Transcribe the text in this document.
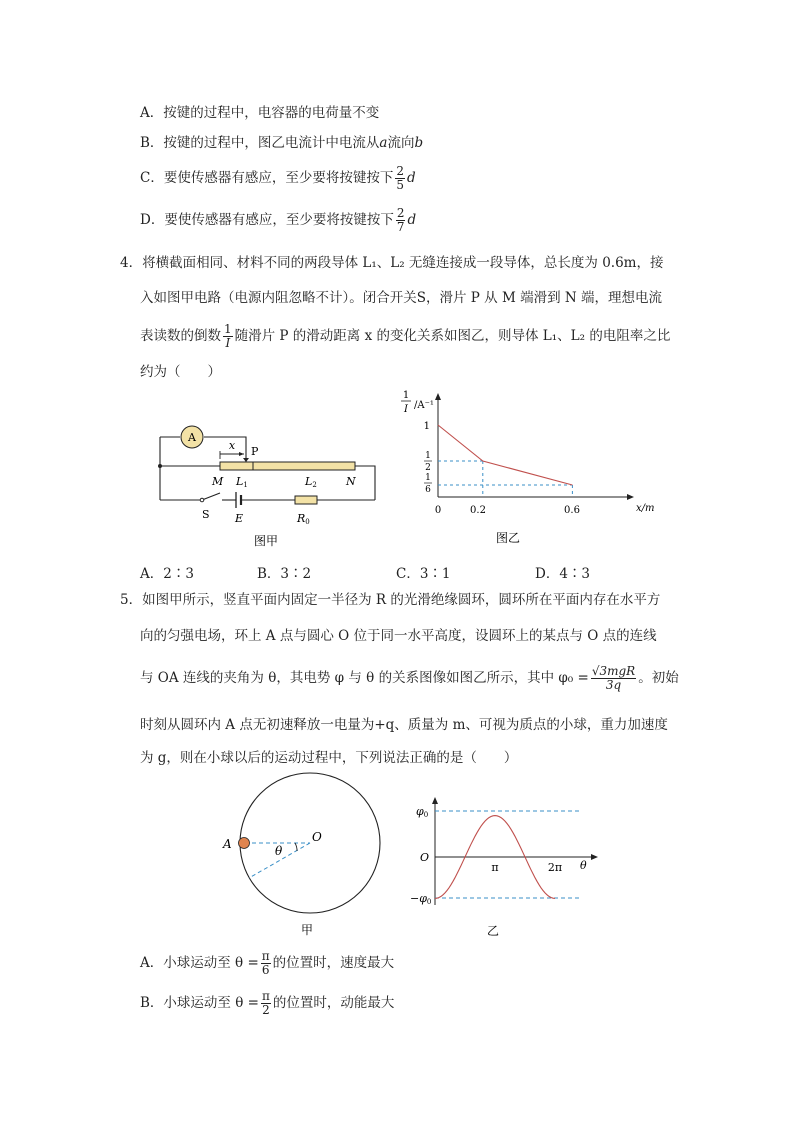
A．按键的过程中，电容器的电荷量不变
B．按键的过程中，图乙电流计中电流从a流向b
C．要使传感器有感应，至少要将按键按下 $\frac{2}{5}$ d
D．要使传感器有感应，至少要将按键按下 $\frac{2}{7}$ d
4．将横截面相同、材料不同的两段导体 L₁、L₂ 无缝连接成一段导体，总长度为 0.6m，接
入如图甲电路（电源内阻忽略不计）。闭合开关S，滑片 P 从 M 端滑到 N 端，理想电流
表读数的倒数 $\frac{1}{I}$ 随滑片 P 的滑动距离 x 的变化关系如图乙，则导体 L₁、L₂ 的电阻率之比
约为（　　）
A
x P
M L1	L2	N
S E	R0
图甲
1
I /A⁻¹
1
1
2
1
6
0	0.2	0.6	x/m
图乙
A．2∶3	B．3∶2	C．3∶1	D．4∶3
5．如图甲所示，竖直平面内固定一半径为 R 的光滑绝缘圆环，圆环所在平面内存在水平方
向的匀强电场，环上 A 点与圆心 O 位于同一水平高度，设圆环上的某点与 O 点的连线
与 OA 连线的夹角为 θ，其电势 φ 与 θ 的关系图像如图乙所示，其中 $\varphi_0 = \frac{\text{√3mgR}}{3q}$ 。初始
时刻从圆环内 A 点无初速释放一电量为+q、质量为 m、可视为质点的小球，重力加速度
为 g，则在小球以后的运动过程中，下列说法正确的是（　　）
A	O
θ
甲
φ0
O
π	2π θ
−φ0
乙
A．小球运动至 $\theta = \frac{\pi}{6}$ 的位置时，速度最大
B．小球运动至 $\theta = \frac{\pi}{2}$ 的位置时，动能最大
